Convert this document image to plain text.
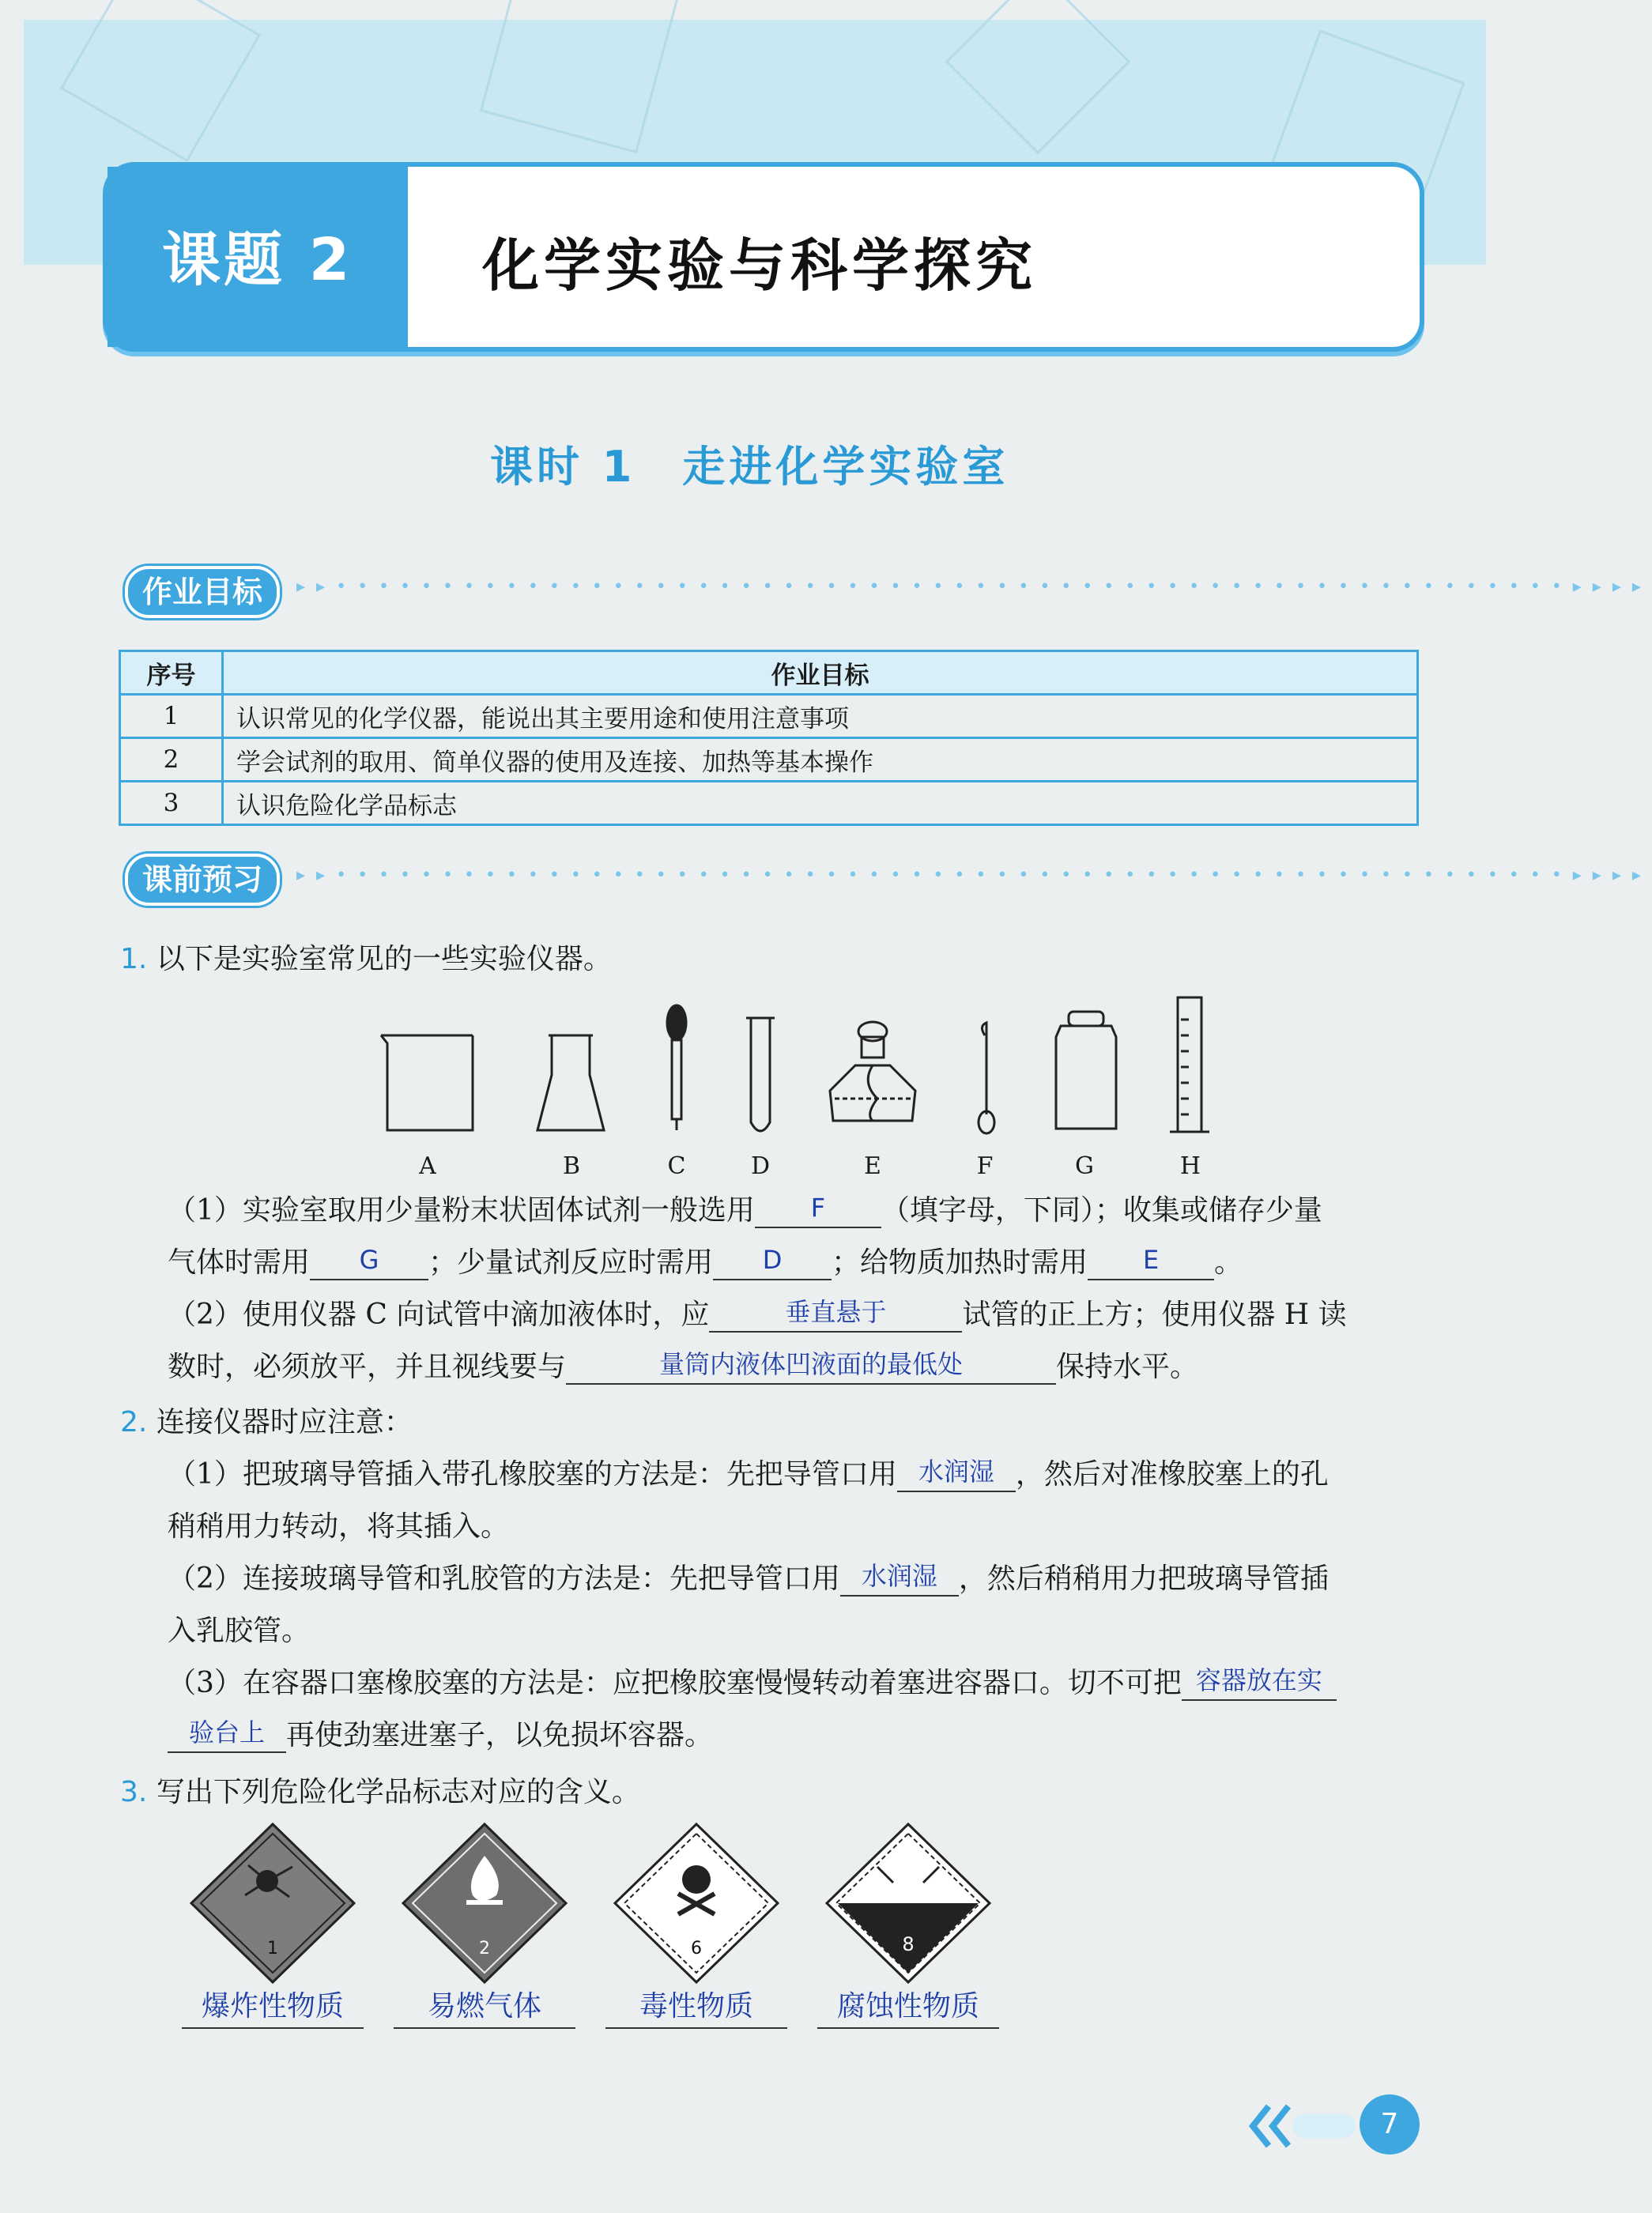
课题 2 化学实验与科学探究
课时 1　走进化学实验室
作业目标	▸▸••••••••••••••••••••••••••••••••••••••••••••••••••••••••••▸▸▸▸
序号	作业目标
1	认识常见的化学仪器，能说出其主要用途和使用注意事项
2	学会试剂的取用、简单仪器的使用及连接、加热等基本操作
3	认识危险化学品标志
课前预习	▸▸••••••••••••••••••••••••••••••••••••••••••••••••••••••••••▸▸▸▸
1. 以下是实验室常见的一些实验仪器。
A	B	C	D	E	F	G	H
（1）实验室取用少量粉末状固体试剂一般选用 F （填字母，下同）；收集或储存少量
气体时需用 G ；少量试剂反应时需用 D ；给物质加热时需用 E 。
（2）使用仪器 C 向试管中滴加液体时，应	垂直悬于	试管的正上方；使用仪器 H 读
数时，必须放平，并且视线要与	量筒内液体凹液面的最低处	保持水平。
2. 连接仪器时应注意：
（1）把玻璃导管插入带孔橡胶塞的方法是：先把导管口用 水润湿 ，然后对准橡胶塞上的孔
稍稍用力转动，将其插入。
（2）连接玻璃导管和乳胶管的方法是：先把导管口用 水润湿 ，然后稍稍用力把玻璃导管插
入乳胶管。
（3）在容器口塞橡胶塞的方法是：应把橡胶塞慢慢转动着塞进容器口。切不可把 容器放在实
验台上 再使劲塞进塞子，以免损坏容器。
3. 写出下列危险化学品标志对应的含义。
1	2	6	8
爆炸性物质	易燃气体	毒性物质	腐蚀性物质
7
